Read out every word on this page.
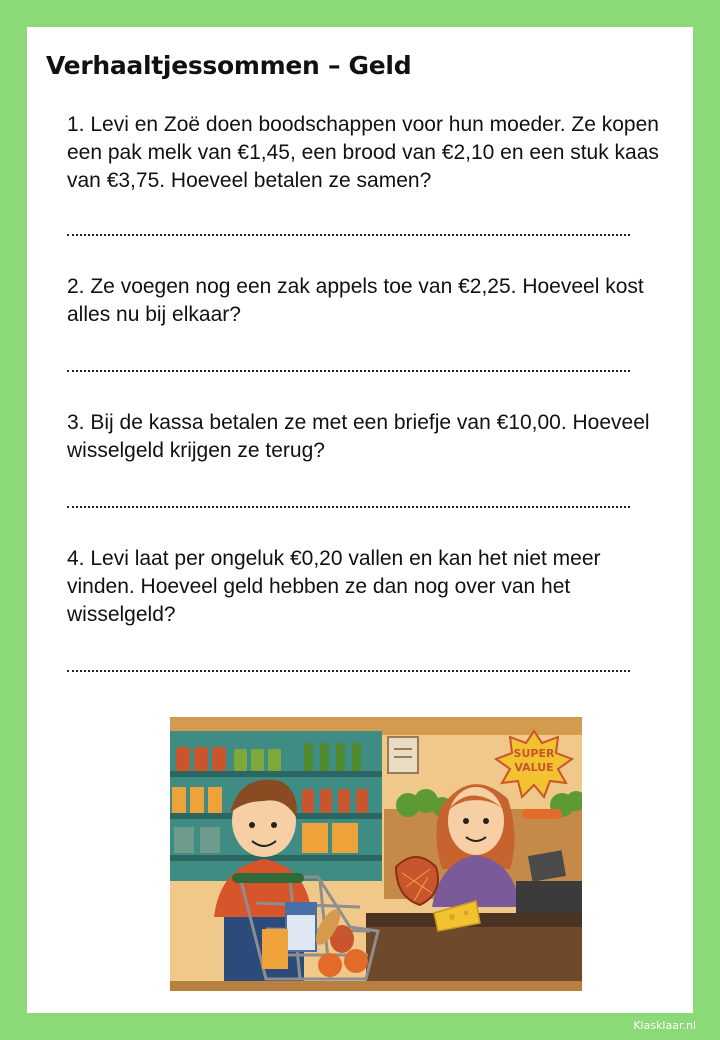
Verhaaltjessommen – Geld
1. Levi en Zoë doen boodschappen voor hun moeder. Ze kopen een pak melk van €1,45, een brood van €2,10 en een stuk kaas van €3,75. Hoeveel betalen ze samen?
2. Ze voegen nog een zak appels toe van €2,25. Hoeveel kost alles nu bij elkaar?
3. Bij de kassa betalen ze met een briefje van €10,00. Hoeveel wisselgeld krijgen ze terug?
4. Levi laat per ongeluk €0,20 vallen en kan het niet meer vinden. Hoeveel geld hebben ze dan nog over van het wisselgeld?
SUPER
VALUE
Klasklaar.nl
